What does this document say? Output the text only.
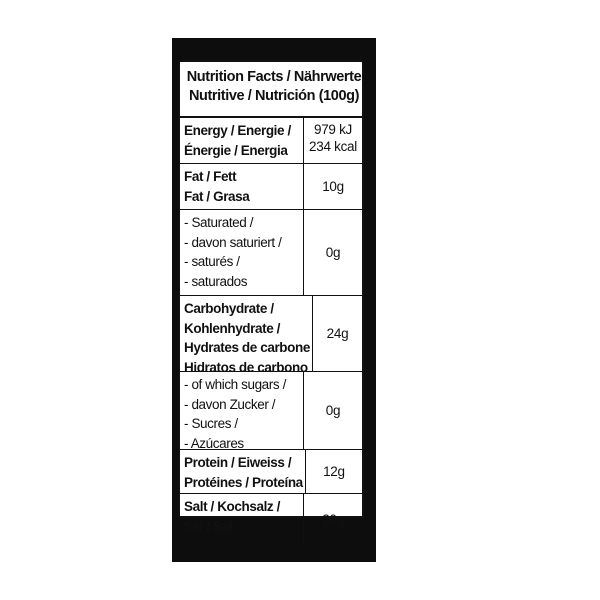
Nutrition Facts / Nährwerte
Nutritive / Nutrición (100g)
Energy / Energie /
Énergie / Energia
979 kJ
234 kcal
Fat / Fett
Fat / Grasa
10g
- Saturated /
- davon saturiert /
- saturés /
- saturados
0g
Carbohydrate /
Kohlenhydrate /
Hydrates de carbone
Hidratos de carbono
24g
- of which sugars /
- davon Zucker /
- Sucres /
- Azúcares
0g
Protein / Eiweiss /
Protéines / Proteína
12g
Salt / Kochsalz /
Sel / Sal	20g
